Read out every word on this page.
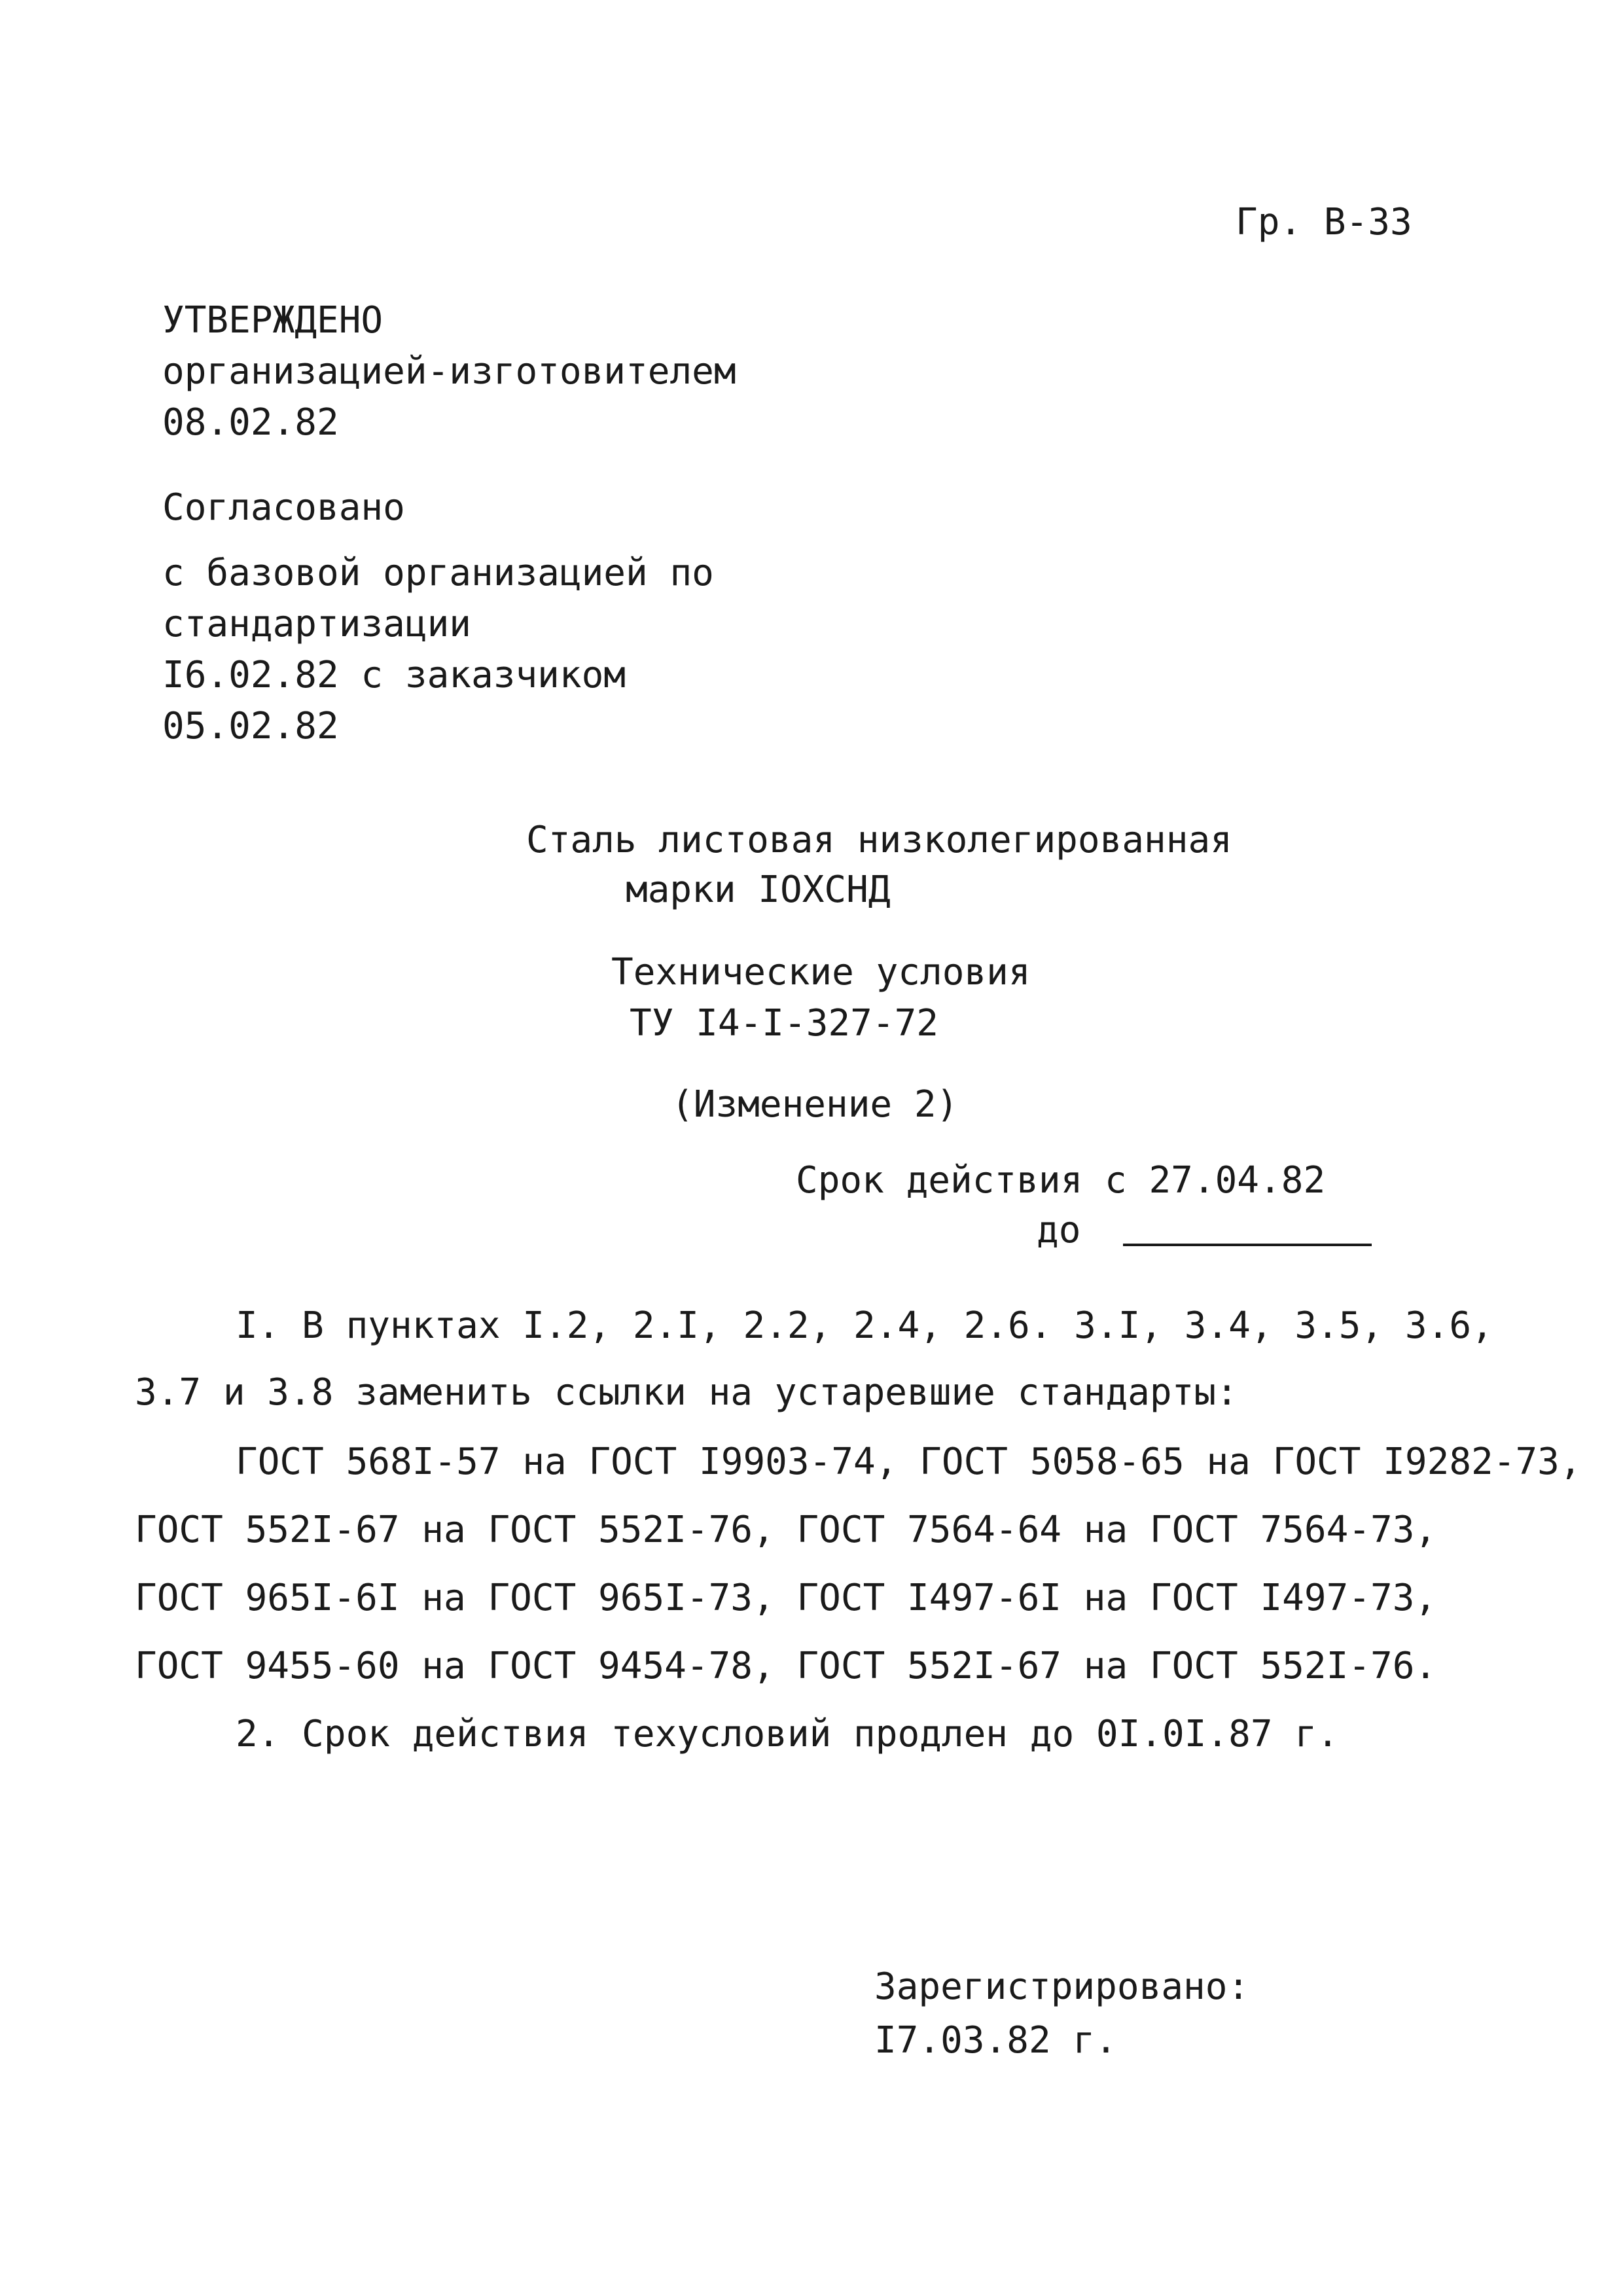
Гр. В-33
УТВЕРЖДЕНО
организацией-изготовителем
08.02.82
Согласовано
с базовой организацией по
стандартизации
I6.02.82 с заказчиком
05.02.82
Сталь листовая низколегированная
марки IOXCHД
Технические условия
ТУ I4-I-327-72
(Изменение 2)
Срок действия с 27.04.82
до
I. В пунктах I.2, 2.I, 2.2, 2.4, 2.6. 3.I, 3.4, 3.5, 3.6,
3.7 и 3.8 заменить ссылки на устаревшие стандарты:
ГОСТ 568I-57 на ГОСТ I9903-74, ГОСТ 5058-65 на ГОСТ I9282-73,
ГОСТ 552I-67 на ГОСТ 552I-76, ГОСТ 7564-64 на ГОСТ 7564-73,
ГОСТ 965I-6I на ГОСТ 965I-73, ГОСТ I497-6I на ГОСТ I497-73,
ГОСТ 9455-60 на ГОСТ 9454-78, ГОСТ 552I-67 на ГОСТ 552I-76.
2. Срок действия техусловий продлен до 0I.0I.87 г.
Зарегистрировано:
I7.03.82 г.
